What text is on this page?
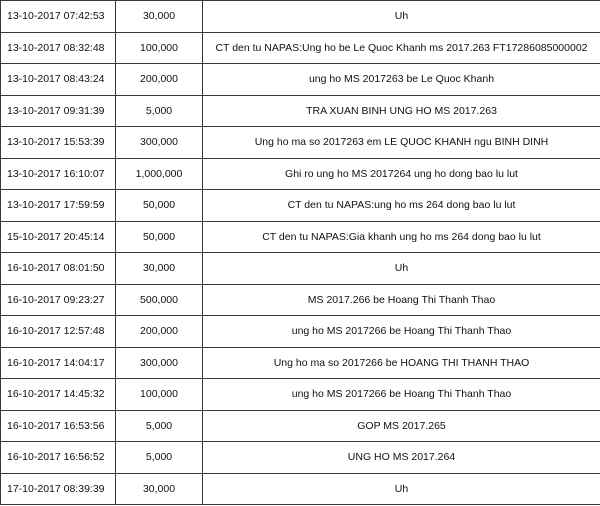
13-10-2017 07:42:53	30,000	Uh
13-10-2017 08:32:48	100,000	CT den tu NAPAS:Ung ho be Le Quoc Khanh ms 2017.263 FT17286085000002
13-10-2017 08:43:24	200,000	ung ho MS 2017263 be Le Quoc Khanh
13-10-2017 09:31:39	5,000	TRA XUAN BINH UNG HO MS 2017.263
13-10-2017 15:53:39	300,000	Ung ho ma so 2017263 em LE QUOC KHANH ngu BINH DINH
13-10-2017 16:10:07	1,000,000	Ghi ro ung ho MS 2017264 ung ho dong bao lu lut
13-10-2017 17:59:59	50,000	CT den tu NAPAS:ung ho ms 264 dong bao lu lut
15-10-2017 20:45:14	50,000	CT den tu NAPAS:Gia khanh ung ho ms 264 dong bao lu lut
16-10-2017 08:01:50	30,000	Uh
16-10-2017 09:23:27	500,000	MS 2017.266 be Hoang Thi Thanh Thao
16-10-2017 12:57:48	200,000	ung ho MS 2017266 be Hoang Thi Thanh Thao
16-10-2017 14:04:17	300,000	Ung ho ma so 2017266 be HOANG THI THANH THAO
16-10-2017 14:45:32	100,000	ung ho MS 2017266 be Hoang Thi Thanh Thao
16-10-2017 16:53:56	5,000	GOP MS 2017.265
16-10-2017 16:56:52	5,000	UNG HO MS 2017.264
17-10-2017 08:39:39	30,000	Uh
